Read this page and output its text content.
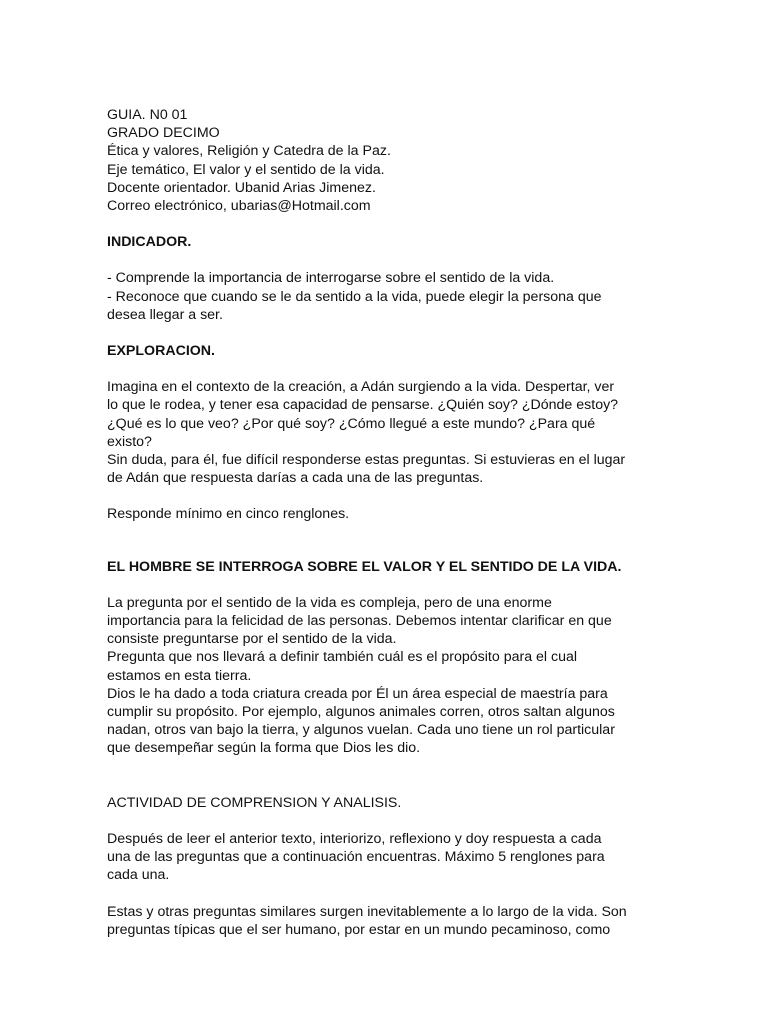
GUIA. N0 01
GRADO DECIMO
Ética y valores, Religión y Catedra de la Paz.
Eje temático, El valor y el sentido de la vida.
Docente orientador. Ubanid Arias Jimenez.
Correo electrónico, ubarias@Hotmail.com
INDICADOR.
- Comprende la importancia de interrogarse sobre el sentido de la vida.
- Reconoce que cuando se le da sentido a la vida, puede elegir la persona que
desea llegar a ser.
EXPLORACION.
Imagina en el contexto de la creación, a Adán surgiendo a la vida. Despertar, ver
lo que le rodea, y tener esa capacidad de pensarse. ¿Quién soy? ¿Dónde estoy?
¿Qué es lo que veo? ¿Por qué soy? ¿Cómo llegué a este mundo? ¿Para qué
existo?
Sin duda, para él, fue difícil responderse estas preguntas. Si estuvieras en el lugar
de Adán que respuesta darías a cada una de las preguntas.
Responde mínimo en cinco renglones.
EL HOMBRE SE INTERROGA SOBRE EL VALOR Y EL SENTIDO DE LA VIDA.
La pregunta por el sentido de la vida es compleja, pero de una enorme
importancia para la felicidad de las personas. Debemos intentar clarificar en que
consiste preguntarse por el sentido de la vida.
Pregunta que nos llevará a definir también cuál es el propósito para el cual
estamos en esta tierra.
Dios le ha dado a toda criatura creada por Él un área especial de maestría para
cumplir su propósito. Por ejemplo, algunos animales corren, otros saltan algunos
nadan, otros van bajo la tierra, y algunos vuelan. Cada uno tiene un rol particular
que desempeñar según la forma que Dios les dio.
ACTIVIDAD DE COMPRENSION Y ANALISIS.
Después de leer el anterior texto, interiorizo, reflexiono y doy respuesta a cada
una de las preguntas que a continuación encuentras. Máximo 5 renglones para
cada una.
Estas y otras preguntas similares surgen inevitablemente a lo largo de la vida. Son
preguntas típicas que el ser humano, por estar en un mundo pecaminoso, como
